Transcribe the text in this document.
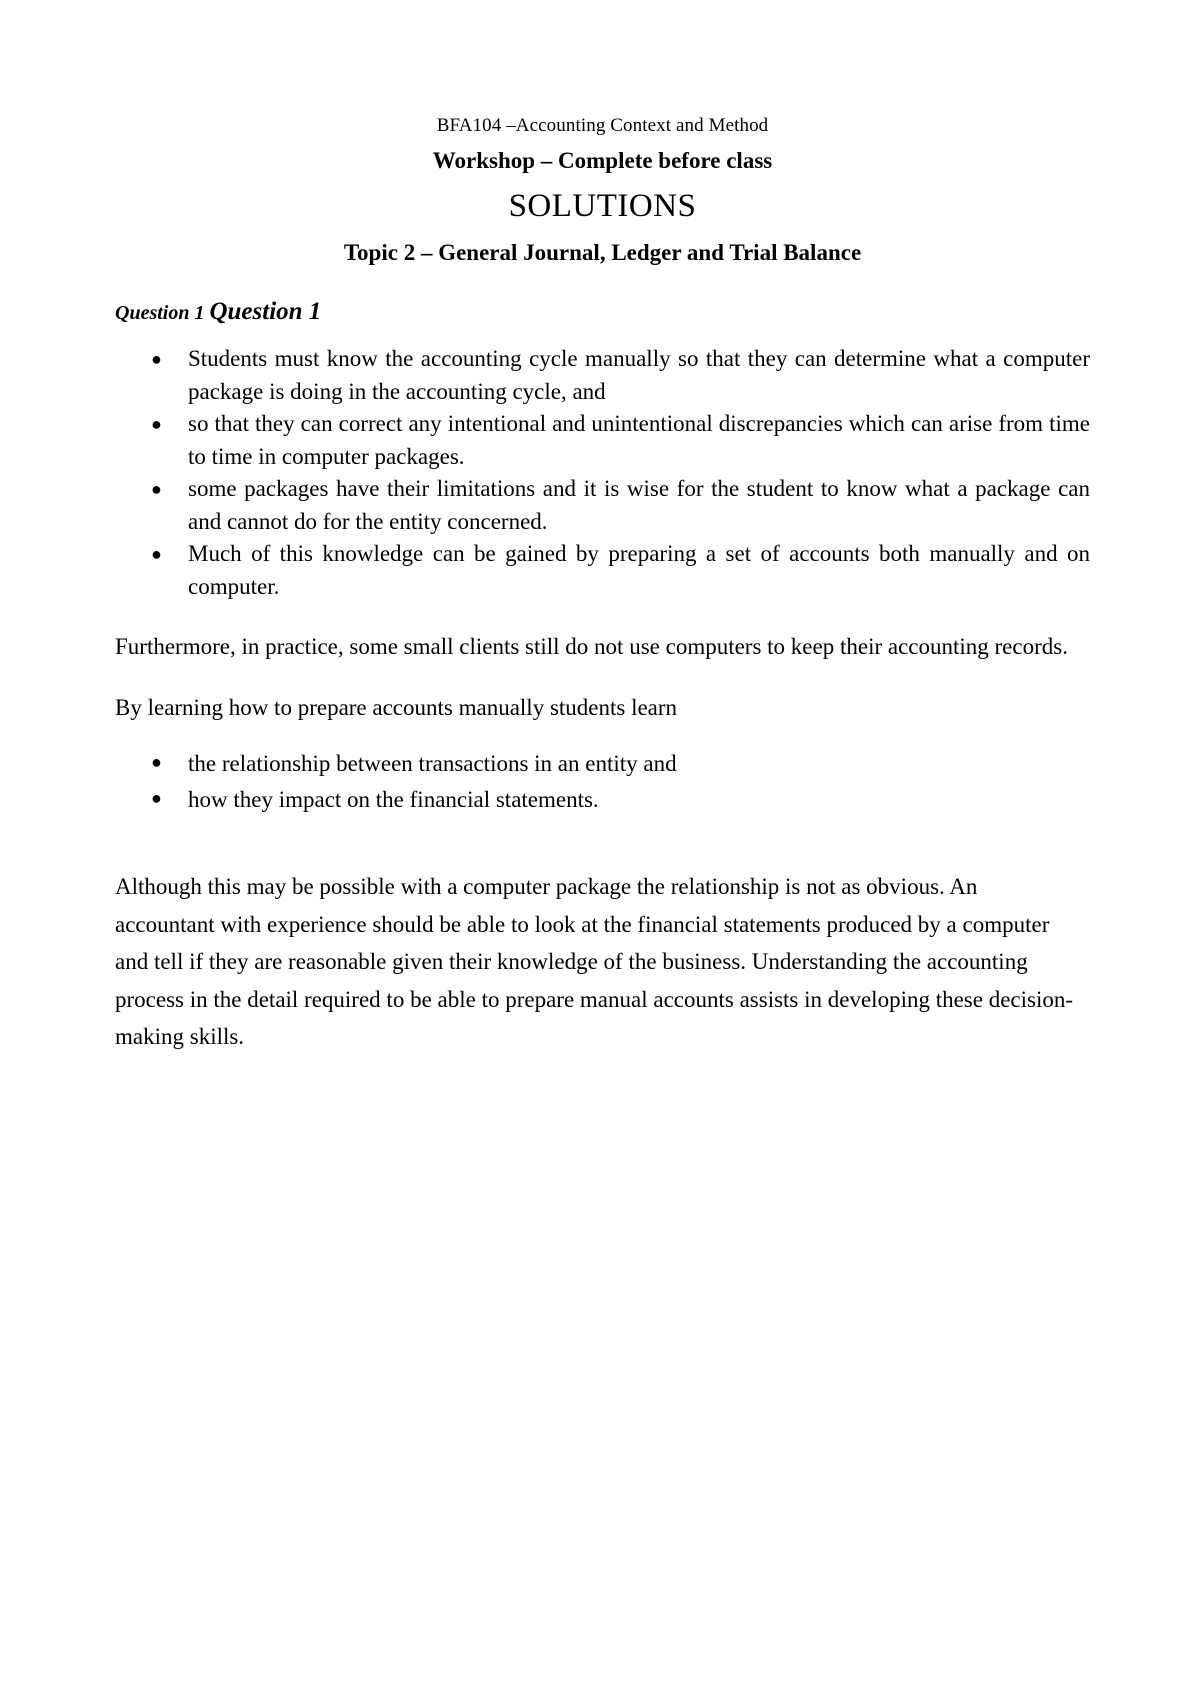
BFA104 –Accounting Context and Method

Workshop – Complete before class

SOLUTIONS

Topic 2 – General Journal, Ledger and Trial Balance

Question 1 Question 1

● Students must know the accounting cycle manually so that they can determine what a computer package is doing in the accounting cycle, and
● so that they can correct any intentional and unintentional discrepancies which can arise from time to time in computer packages.
● some packages have their limitations and it is wise for the student to know what a package can and cannot do for the entity concerned.
● Much of this knowledge can be gained by preparing a set of accounts both manually and on computer.

Furthermore, in practice, some small clients still do not use computers to keep their accounting records.

By learning how to prepare accounts manually students learn

● the relationship between transactions in an entity and
● how they impact on the financial statements.

Although this may be possible with a computer package the relationship is not as obvious. An accountant with experience should be able to look at the financial statements produced by a computer and tell if they are reasonable given their knowledge of the business. Understanding the accounting process in the detail required to be able to prepare manual accounts assists in developing these decision-making skills.
